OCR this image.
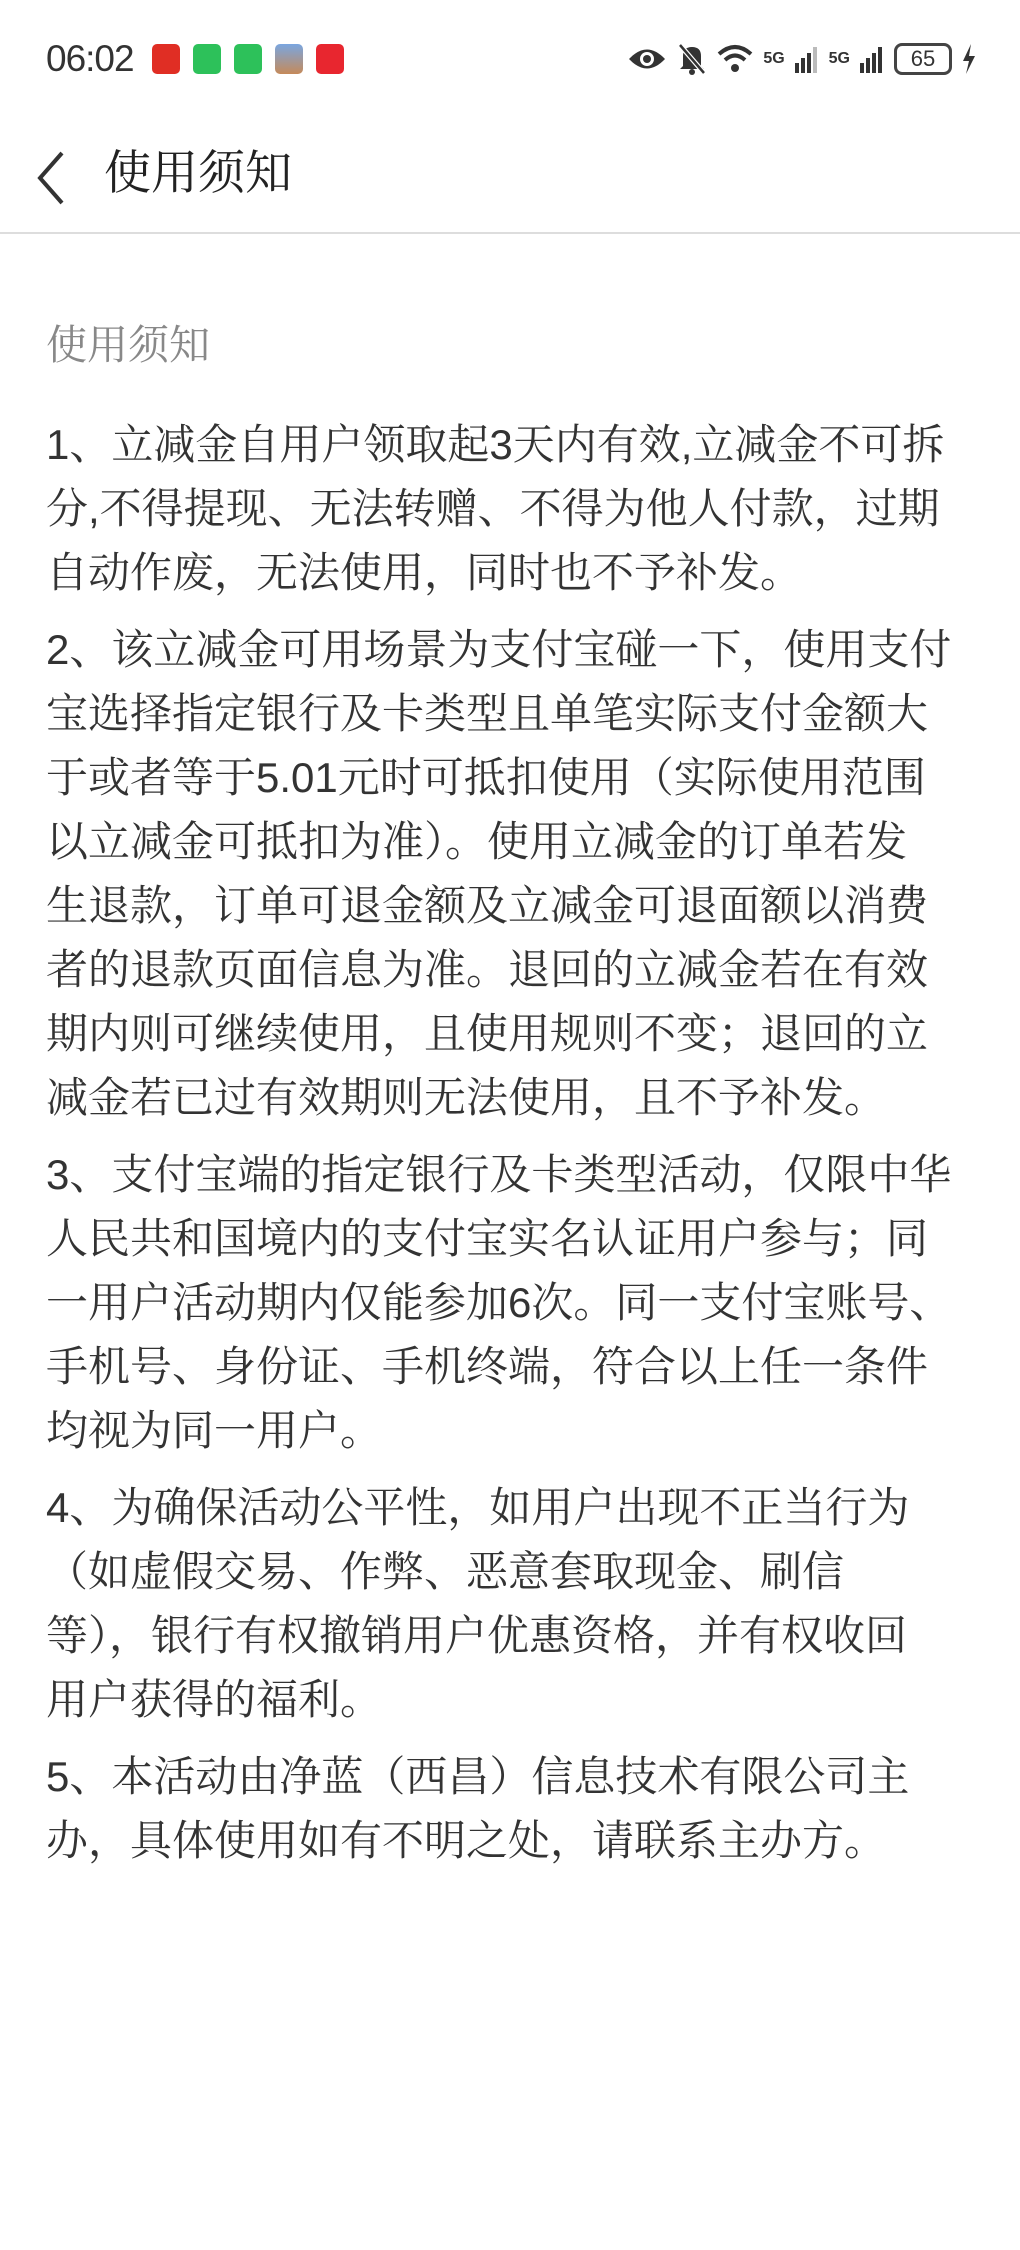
06:02	5G	5G	65
使用须知
使用须知
1、立减金自用户领取起3天内有效,立减金不可拆
分,不得提现、无法转赠、不得为他人付款，过期
自动作废，无法使用，同时也不予补发。
2、该立减金可用场景为支付宝碰一下，使用支付
宝选择指定银行及卡类型且单笔实际支付金额大
于或者等于5.01元时可抵扣使用（实际使用范围
以立减金可抵扣为准）。使用立减金的订单若发
生退款，订单可退金额及立减金可退面额以消费
者的退款页面信息为准。退回的立减金若在有效
期内则可继续使用，且使用规则不变；退回的立
减金若已过有效期则无法使用，且不予补发。
3、支付宝端的指定银行及卡类型活动，仅限中华
人民共和国境内的支付宝实名认证用户参与；同
一用户活动期内仅能参加6次。同一支付宝账号、
手机号、身份证、手机终端，符合以上任一条件
均视为同一用户。
4、为确保活动公平性，如用户出现不正当行为
（如虚假交易、作弊、恶意套取现金、刷信
等），银行有权撤销用户优惠资格，并有权收回
用户获得的福利。
5、本活动由净蓝（西昌）信息技术有限公司主
办，具体使用如有不明之处，请联系主办方。
